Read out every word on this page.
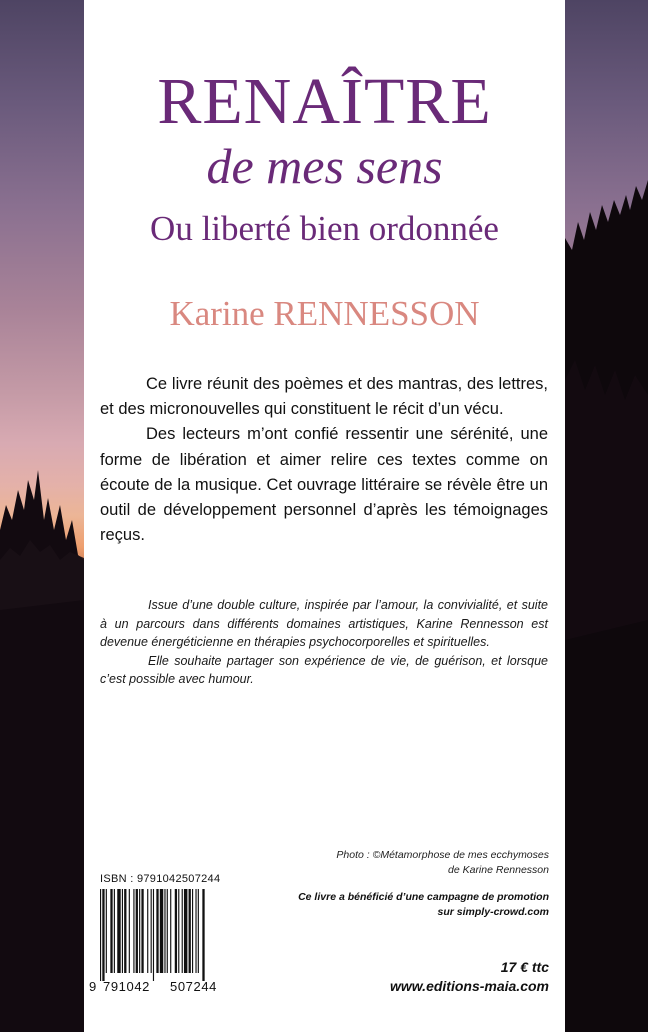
RENAÎTRE
de mes sens
Ou liberté bien ordonnée
Karine RENNESSON

Ce livre réunit des poèmes et des mantras, des lettres, et des micronouvelles qui constituent le récit d’un vécu.

Des lecteurs m’ont confié ressentir une sérénité, une forme de libération et aimer relire ces textes comme on écoute de la musique. Cet ouvrage littéraire se révèle être un outil de développement personnel d’après les témoignages reçus.

Issue d’une double culture, inspirée par l’amour, la convivialité, et suite à un parcours dans différents domaines artistiques, Karine Rennesson est devenue énergéticienne en thérapies psychocorporelles et spirituelles.

Elle souhaite partager son expérience de vie, de guérison, et lorsque c’est possible avec humour.

Photo : ©Métamorphose de mes ecchymoses
de Karine Rennesson
Ce livre a bénéficié d’une campagne de promotion
sur simply-crowd.com
17 € ttc
www.editions-maia.com
ISBN : 9791042507244
9 791042 507244
